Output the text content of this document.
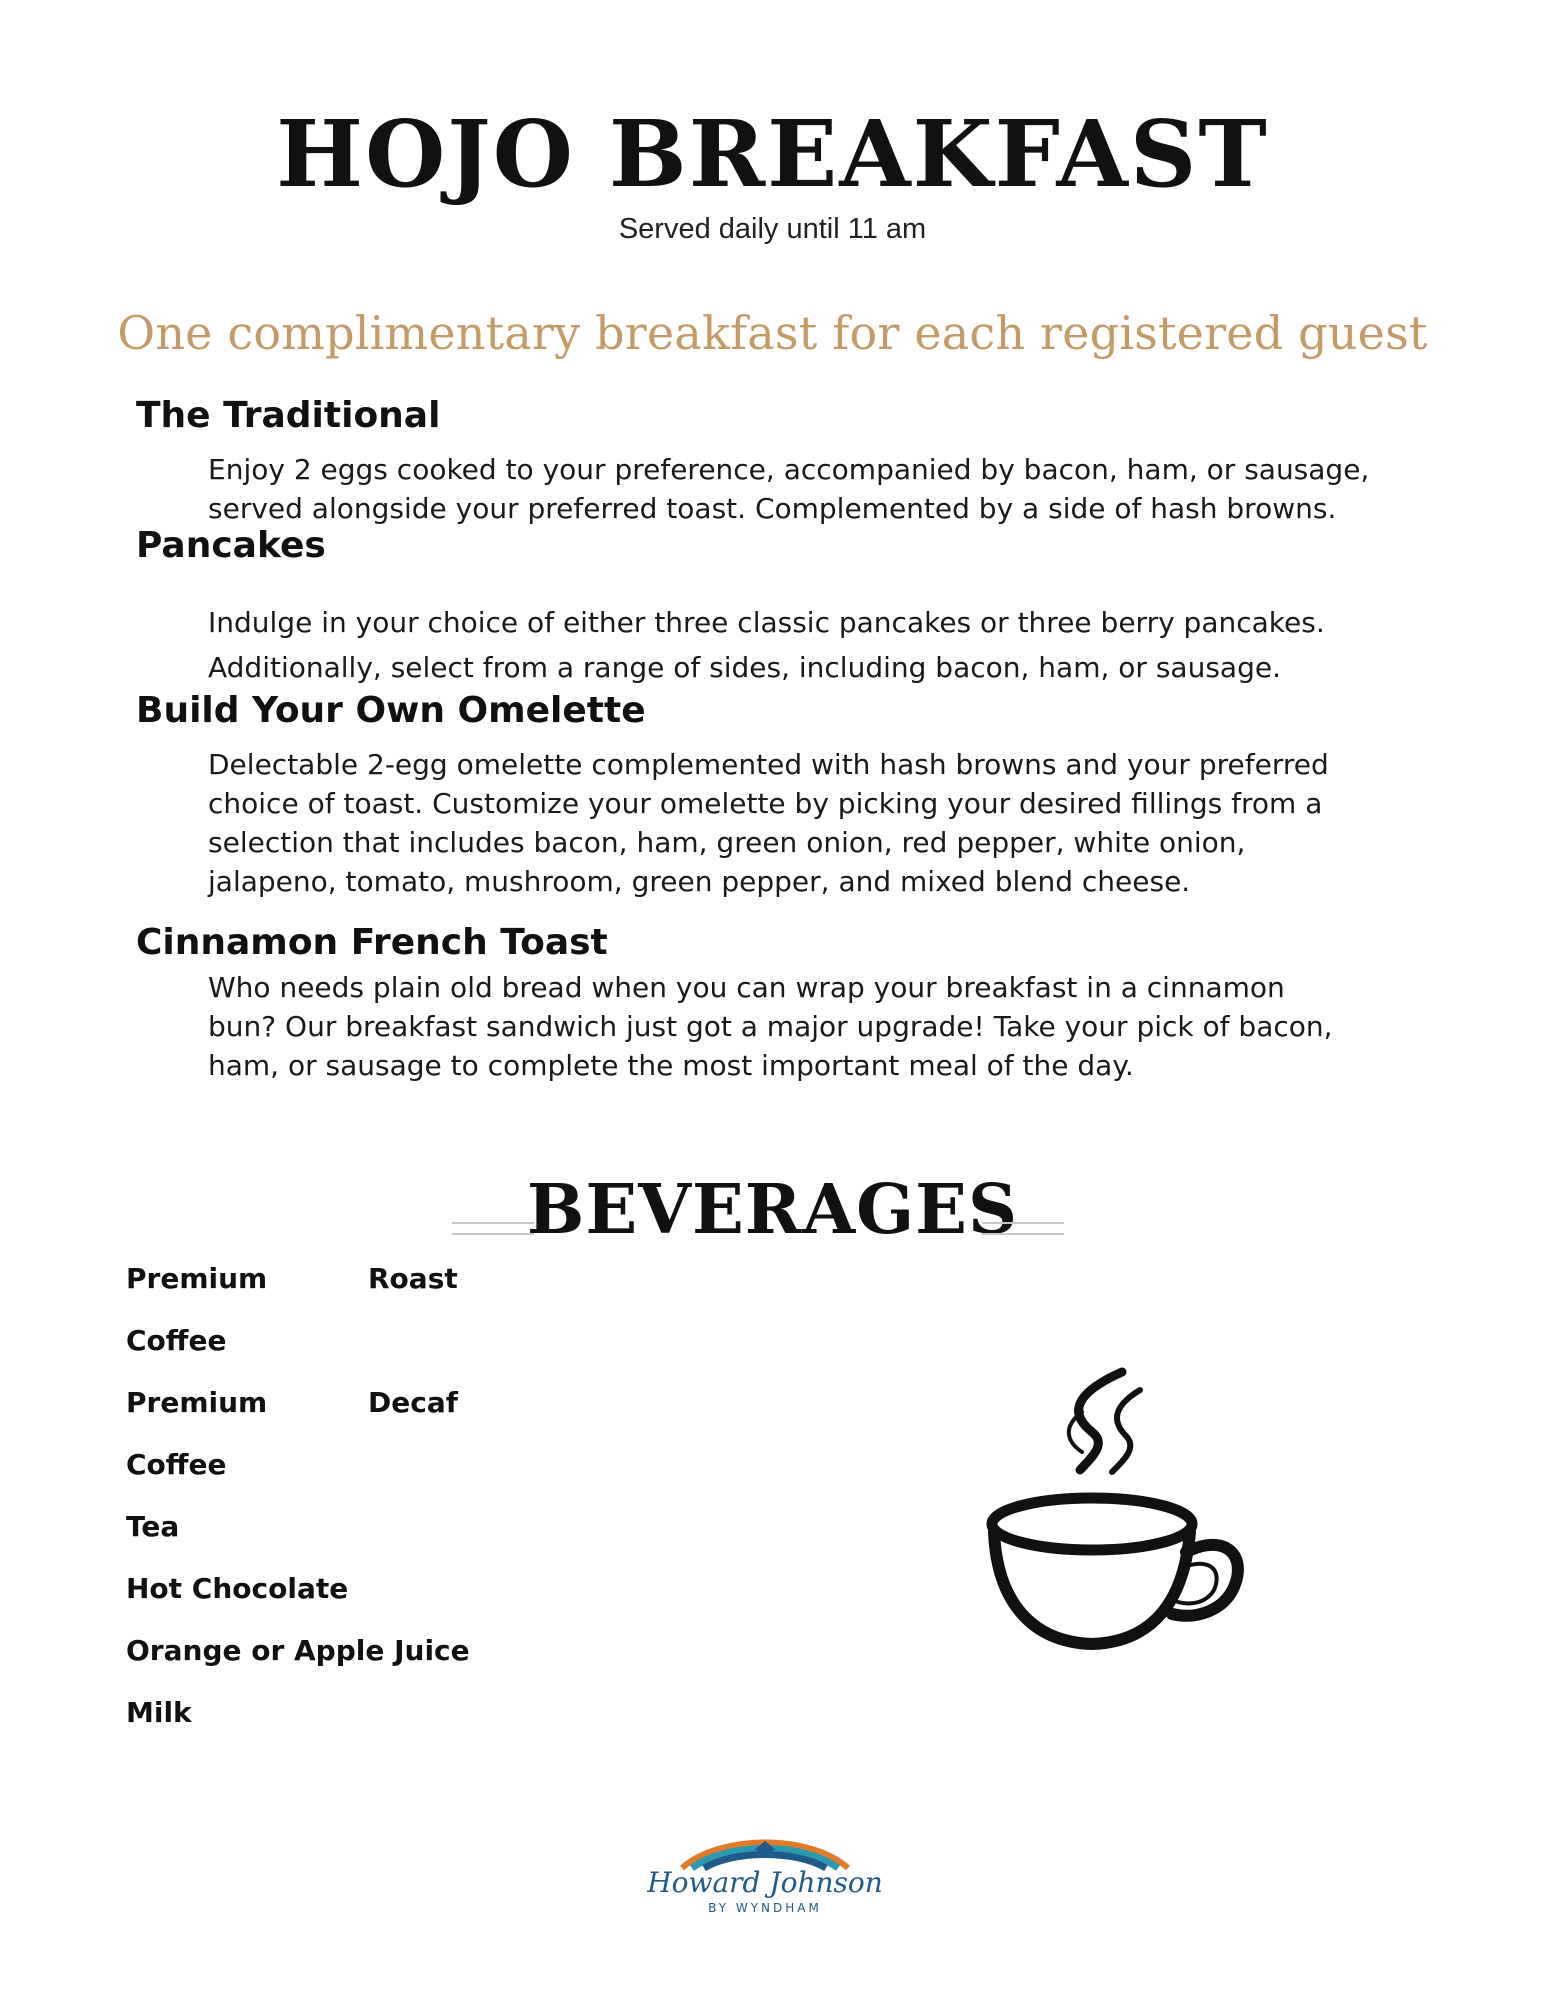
HOJO BREAKFAST
Served daily until 11 am
One complimentary breakfast for each registered guest
The Traditional

Enjoy 2 eggs cooked to your preference, accompanied by bacon, ham, or sausage,

served alongside your preferred toast. Complemented by a side of hash browns.

Pancakes

Indulge in your choice of either three classic pancakes or three berry pancakes.

Additionally, select from a range of sides, including bacon, ham, or sausage.

Build Your Own Omelette

Delectable 2-egg omelette complemented with hash browns and your preferred

choice of toast. Customize your omelette by picking your desired fillings from a

selection that includes bacon, ham, green onion, red pepper, white onion,

jalapeno, tomato, mushroom, green pepper, and mixed blend cheese.

Cinnamon French Toast

Who needs plain old bread when you can wrap your breakfast in a cinnamon

bun? Our breakfast sandwich just got a major upgrade! Take your pick of bacon,

ham, or sausage to complete the most important meal of the day.

BEVERAGES
Premium	Roast
Coffee
Premium	Decaf
Coffee
Tea
Hot Chocolate
Orange or Apple Juice
Milk
Howard Johnson
BY WYNDHAM
